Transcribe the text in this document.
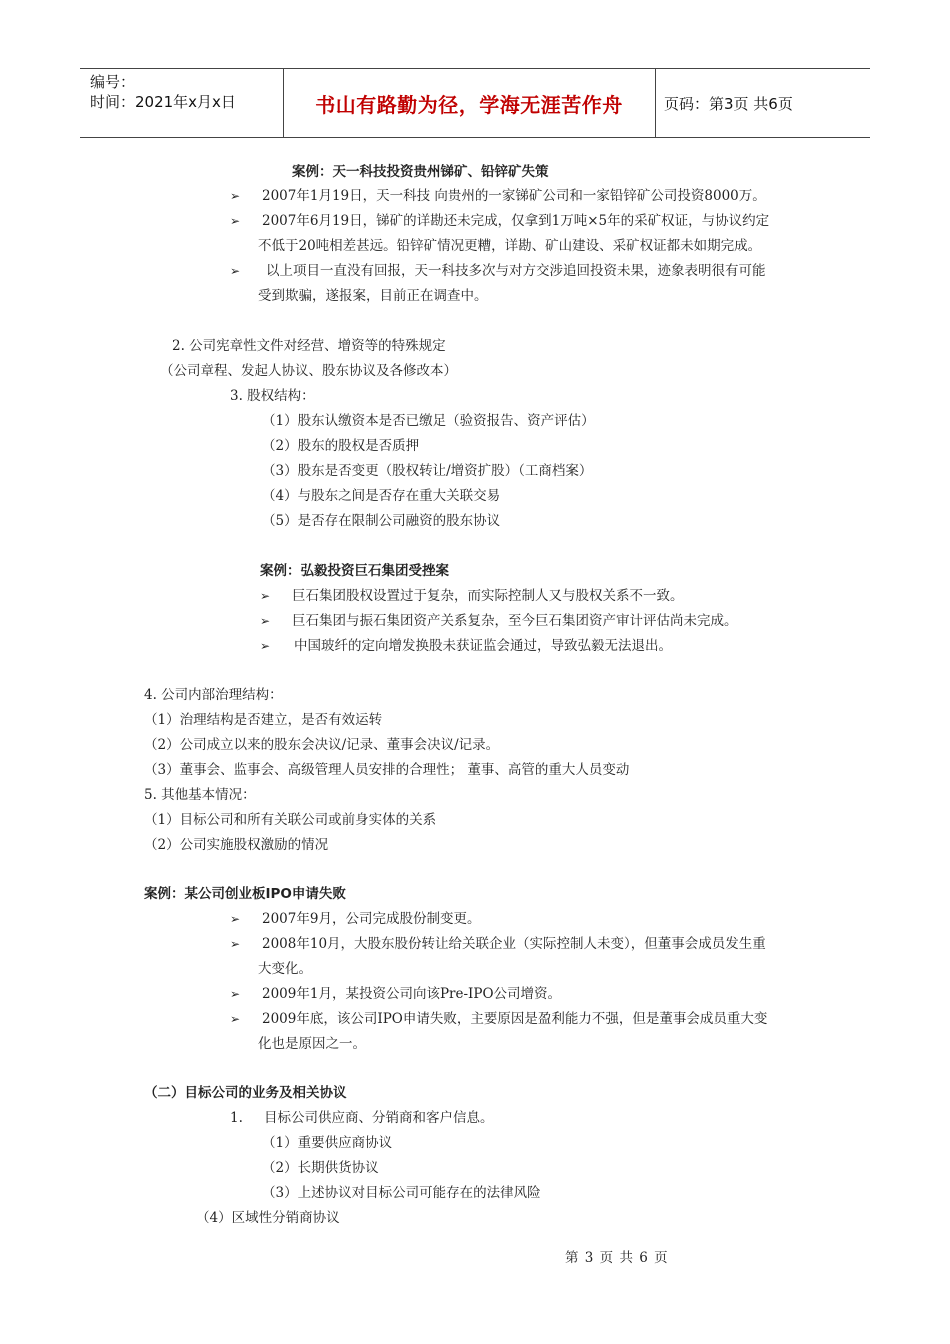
编号：
时间：2021年x月x日	书山有路勤为径，学海无涯苦作舟	页码：第3页 共6页
案例：天一科技投资贵州锑矿、铅锌矿失策
➢ 2007年1月19日，天一科技 向贵州的一家锑矿公司和一家铅锌矿公司投资8000万。
➢ 2007年6月19日，锑矿的详勘还未完成，仅拿到1万吨×5年的采矿权证，与协议约定
不低于20吨相差甚远。铅锌矿情况更糟，详勘、矿山建设、采矿权证都未如期完成。
➢ 以上项目一直没有回报，天一科技多次与对方交涉追回投资未果，迹象表明很有可能
受到欺骗，遂报案，目前正在调查中。
2. 公司宪章性文件对经营、增资等的特殊规定
（公司章程、发起人协议、股东协议及各修改本）
3. 股权结构：
（1）股东认缴资本是否已缴足（验资报告、资产评估）
（2）股东的股权是否质押
（3）股东是否变更（股权转让/增资扩股）（工商档案）
（4）与股东之间是否存在重大关联交易
（5）是否存在限制公司融资的股东协议
案例：弘毅投资巨石集团受挫案
➢ 巨石集团股权设置过于复杂，而实际控制人又与股权关系不一致。
➢ 巨石集团与振石集团资产关系复杂，至今巨石集团资产审计评估尚未完成。
➢ 中国玻纤的定向增发换股未获证监会通过，导致弘毅无法退出。
4. 公司内部治理结构：
（1）治理结构是否建立，是否有效运转
（2）公司成立以来的股东会决议/记录、董事会决议/记录。
（3）董事会、监事会、高级管理人员安排的合理性； 董事、高管的重大人员变动
5. 其他基本情况：
（1）目标公司和所有关联公司或前身实体的关系
（2）公司实施股权激励的情况
案例：某公司创业板IPO申请失败
➢ 2007年9月，公司完成股份制变更。
➢ 2008年10月，大股东股份转让给关联企业（实际控制人未变），但董事会成员发生重
大变化。
➢ 2009年1月，某投资公司向该Pre-IPO公司增资。
➢ 2009年底，该公司IPO申请失败，主要原因是盈利能力不强，但是董事会成员重大变
化也是原因之一。
（二）目标公司的业务及相关协议
1. 目标公司供应商、分销商和客户信息。
（1）重要供应商协议
（2）长期供货协议
（3）上述协议对目标公司可能存在的法律风险
（4）区域性分销商协议
第 3 页 共 6 页
